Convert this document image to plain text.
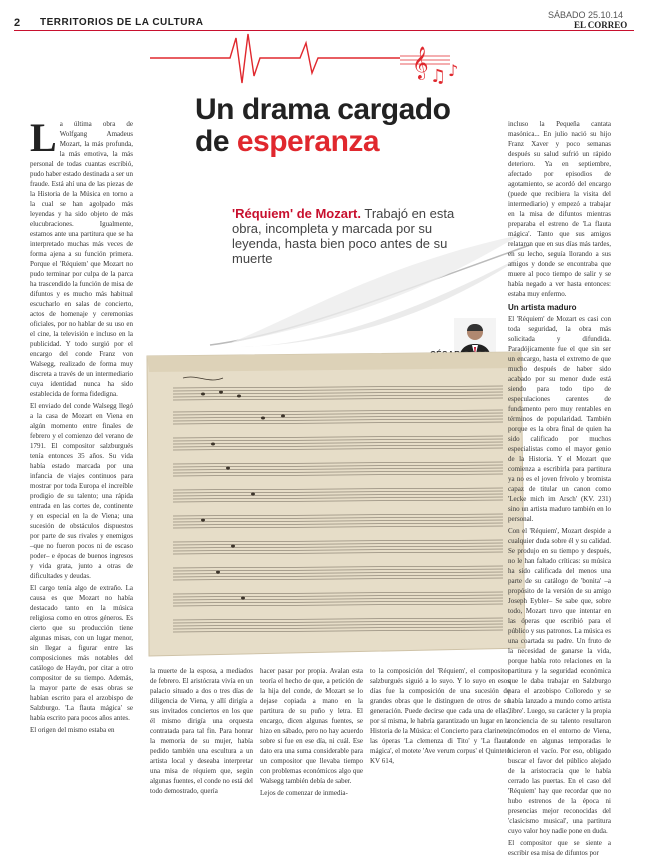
2 TERRITORIOS DE LA CULTURA
SÁBADO 25.10.14
EL CORREO
𝄞 ♫ ♪
Un drama cargado
de esperanza
'Réquiem' de Mozart. Trabajó en esta obra, incompleta y marcada por su leyenda, hasta bien poco antes de su muerte

La última obra de Wolfgang Amadeus Mozart, la más profunda, la más emotiva, la más personal de todas cuantas escribió, pudo haber estado destinada a ser un fraude. Está ahí una de las piezas de la Historia de la Música en torno a la cual se han agolpado más leyendas y ha sido objeto de más elucubraciones. Igualmente, estamos ante una partitura que se ha interpretado muchas más veces de forma ajena a su función primera. Porque el 'Réquiem' que Mozart no pudo terminar por culpa de la parca ha trascendido la función de misa de difuntos y es mucho más habitual escucharlo en salas de concierto, actos de homenaje y ceremonias oficiales, por no hablar de su uso en el cine, la televisión e incluso en la publicidad. Y todo surgió por el encargo del conde Franz von Walsegg, realizado de forma muy discreta a través de un intermediario cuya identidad nunca ha sido establecida de forma fidedigna.

El enviado del conde Walsegg llegó a la casa de Mozart en Viena en algún momento entre finales de febrero y el comienzo del verano de 1791. El compositor salzburgués tenía entonces 35 años. Su vida había estado marcada por una infancia de viajes continuos para mostrar por toda Europa el increíble prodigio de su talento; una rápida entrada en las cortes de, continente y en especial en la de Viena; una sucesión de obstáculos dispuestos por parte de sus rivales y enemigos –que no fueron pocos ni de escaso poder– e épocas de buenos ingresos y vida grata, junto a otras de dificultades y deudas.

El cargo tenía algo de extraño. La causa es que Mozart no había destacado tanto en la música religiosa como en otros géneros. Es cierto que su producción tiene algunas misas, con un lugar menor, sin llegar a figurar entre las composiciones más notables del catálogo de Haydn, por citar a otro compositor de su tiempo. Además, la mayor parte de esas obras se habían escrito para el arzobispo de Salzburgo. 'La flauta mágica' se había escrito para pocos años antes.

El origen del mismo estaba en

la muerte de la esposa, a mediados de febrero. El aristócrata vivía en un palacio situado a dos o tres días de diligencia de Viena, y allí dirigía a sus invitados conciertos en los que él mismo dirigía una orquesta contratada para tal fin. Para honrar la memoria de su mujer, había pedido también una escultura a un artista local y deseaba interpretar una misa de réquiem que, según algunas fuentes, el conde no está del todo demostrado, quería

hacer pasar por propia. Avalan esta teoría el hecho de que, a petición de la hija del conde, de Mozart se lo dejase copiada a mano en la partitura de su puño y letra. El encargo, dicen algunas fuentes, se hizo en sábado, pero no hay acuerdo sobre si fue en ese día, ni cuál. Ese dato era una suma considerable para un compositor que llevaba tiempo con problemas económicos algo que Walsegg también debía de saber.

Lejos de comenzar de inmedia-

to la composición del 'Réquiem', el compositor salzburgués siguió a lo suyo. Y lo suyo en esos días fue la composición de una sucesión de grandes obras que le distinguen de otros de su generación. Puede decirse que cada una de ellas, por sí misma, le habría garantizado un lugar en la Historia de la Música: el Concierto para clarinete, las óperas 'La clemenza di Tito' y 'La flauta mágica', el motete 'Ave verum corpus' el Quinteto KV 614,

incluso la Pequeña cantata masónica... En julio nació su hijo Franz Xaver y poco semanas después su salud sufrió un rápido deterioro. Ya en septiembre, afectado por episodios de agotamiento, se acordó del encargo (puede que recibiera la visita del intermediario) y empezó a trabajar en la misa de difuntos mientras preparaba el estreno de 'La flauta mágica'. Tanto que sus amigos relataron que en sus días más tardes, en su lecho, seguía llorando a sus amigos y donde se encontraba que muere al poco tiempo de salir y se había negado a ver hasta entonces: estaba muy enfermo.

Un artista maduro

El 'Réquiem' de Mozart es casi con toda seguridad, la obra más solicitada y difundida. Paradójicamente fue el que sin ser un encargo, hasta el extremo de que mucho después de haber sido acabado por su menor dude está siendo para todo tipo de especulaciones carentes de fundamento pero muy rentables en términos de popularidad. También porque es la obra final de quien ha sido calificado por muchos especialistas como el mayor genio de la Historia. Y el Mozart que comienza a escribirla para partitura ya no es el joven frívolo y bromista capaz de titular un canon como 'Lecke mich im Arsch' (KV. 231) sino un artista maduro también en lo personal.

Con el 'Réquiem', Mozart despide a cualquier duda sobre él y su calidad. Se produjo en su tiempo y después, no le han faltado críticas: su música ha sido calificada del menos una parte de su catálogo de 'bonita' –a propósito de la versión de su amigo Joseph Eybler– Se sabe que, sobre todo, Mozart tuvo que intentar en las óperas que escribió para el público y sus patronos. La música es una coartada su padre. Un fruto de la necesidad de ganarse la vida, porque había roto relaciones en la partitura y la seguridad económica que le daba trabajar en Salzburgo para el arzobispo Colloredo y se había lanzado a mundo como artista 'libre'. Luego, su carácter y la propia conciencia de su talento resultaron incómodos en el entorno de Viena, donde en algunas temporadas le hicieron el vacío. Por eso, obligado buscar el favor del público alejado de la aristocracia que le había cerrado las puertas. En el caso del 'Réquiem' hay que recordar que no hubo estrenos de la época ni presencias mejor reconocidas del 'clasicismo musical', una partitura cuyo valor hoy nadie pone en duda.

El compositor que se siente a escribir esa misa de difuntos por
